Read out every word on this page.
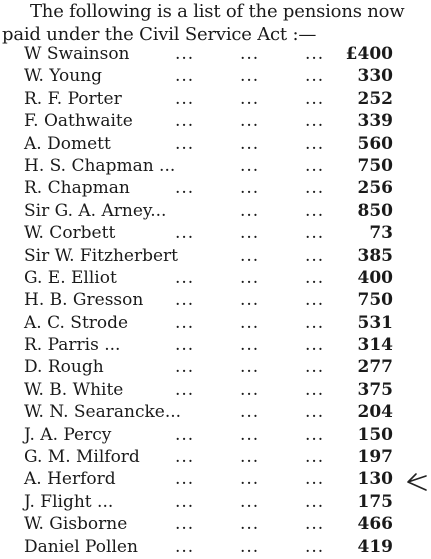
The following is a list of the pensions now
paid under the Civil Service Act :—
W Swainson	...	...	... £400
W. Young	...	...	... 330
R. F. Porter	...	...	... 252
F. Oathwaite ...	...	... 339
A. Domett	...	...	... 560
H. S. Chapman ...	...	... 750
R. Chapman	...	...	... 256
Sir G. A. Arney...	...	... 850
W. Corbett	...	...	...	73
Sir W. Fitzherbert	...	... 385
G. E. Elliot	...	...	... 400
H. B. Gresson ...	...	... 750
A. C. Strode	...	...	... 531
R. Parris ...	...	...	... 314
D. Rough	...	...	... 277
W. B. White	...	...	... 375
W. N. Searancke...	...	... 204
J. A. Percy	...	...	... 150
G. M. Milford ...	...	... 197
A. Herford	...	...	... 130
J. Flight ...	...	...	... 175
W. Gisborne	...	...	... 466
Daniel Pollen ...	...	... 419
